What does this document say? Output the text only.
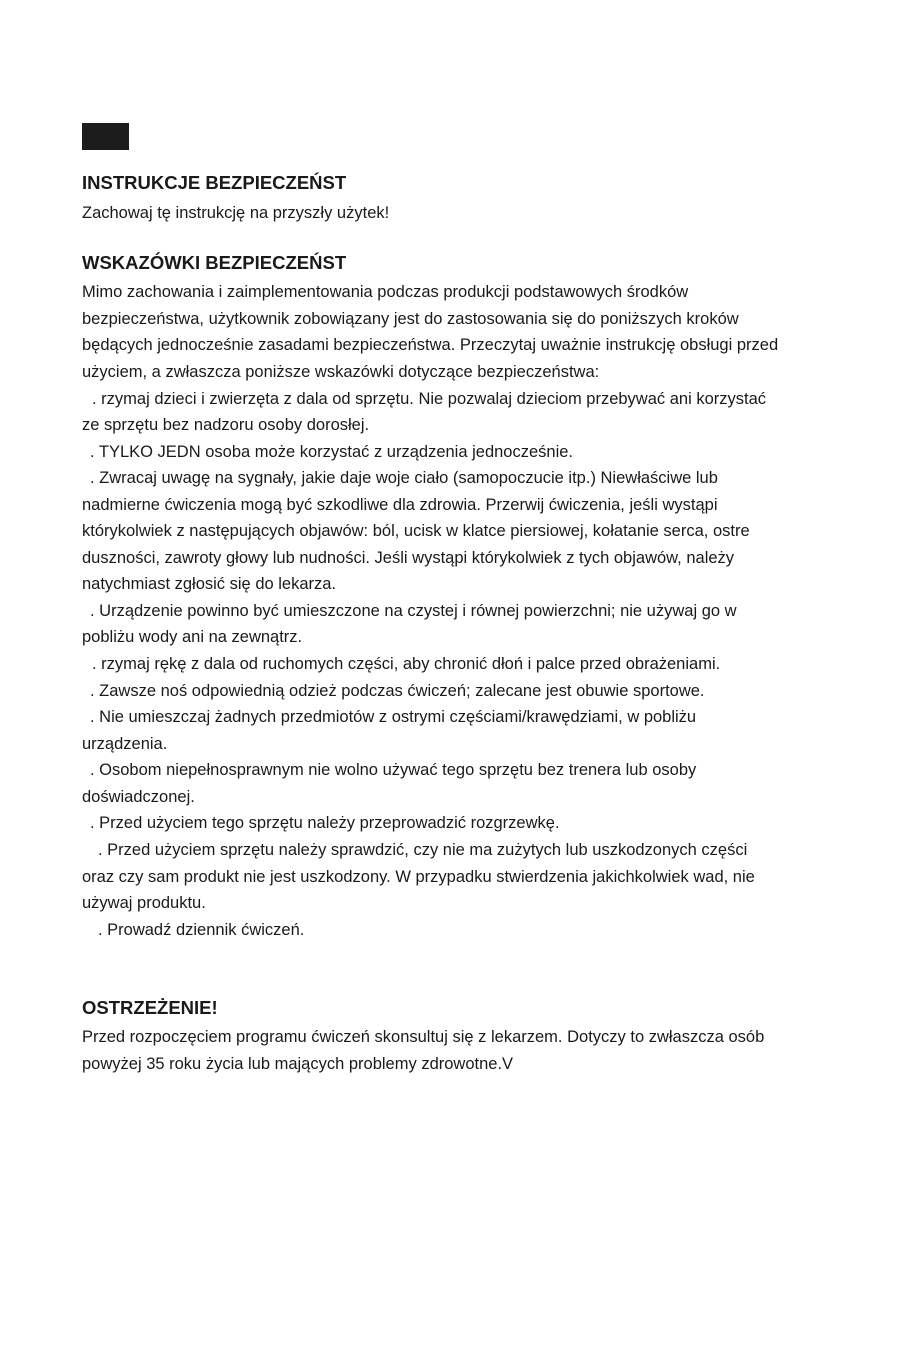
INSTRUKCJE BEZPIECZEŃST
Zachowaj tę instrukcję na przyszły użytek!
WSKAZÓWKI BEZPIECZEŃST
Mimo zachowania i zaimplementowania podczas produkcji podstawowych środków
bezpieczeństwa, użytkownik zobowiązany jest do zastosowania się do poniższych kroków
będących jednocześnie zasadami bezpieczeństwa. Przeczytaj uważnie instrukcję obsługi przed
użyciem, a zwłaszcza poniższe wskazówki dotyczące bezpieczeństwa:
. rzymaj dzieci i zwierzęta z dala od sprzętu. Nie pozwalaj dzieciom przebywać ani korzystać
ze sprzętu bez nadzoru osoby dorosłej.
. TYLKO JEDN osoba może korzystać z urządzenia jednocześnie.
. Zwracaj uwagę na sygnały, jakie daje woje ciało (samopoczucie itp.) Niewłaściwe lub
nadmierne ćwiczenia mogą być szkodliwe dla zdrowia. Przerwij ćwiczenia, jeśli wystąpi
którykolwiek z następujących objawów: ból, ucisk w klatce piersiowej, kołatanie serca, ostre
duszności, zawroty głowy lub nudności. Jeśli wystąpi którykolwiek z tych objawów, należy
natychmiast zgłosić się do lekarza.
. Urządzenie powinno być umieszczone na czystej i równej powierzchni; nie używaj go w
pobliżu wody ani na zewnątrz.
. rzymaj rękę z dala od ruchomych części, aby chronić dłoń i palce przed obrażeniami.
. Zawsze noś odpowiednią odzież podczas ćwiczeń; zalecane jest obuwie sportowe.
. Nie umieszczaj żadnych przedmiotów z ostrymi częściami/krawędziami, w pobliżu
urządzenia.
. Osobom niepełnosprawnym nie wolno używać tego sprzętu bez trenera lub osoby
doświadczonej.
. Przed użyciem tego sprzętu należy przeprowadzić rozgrzewkę.
. Przed użyciem sprzętu należy sprawdzić, czy nie ma zużytych lub uszkodzonych części
oraz czy sam produkt nie jest uszkodzony. W przypadku stwierdzenia jakichkolwiek wad, nie
używaj produktu.
. Prowadź dziennik ćwiczeń.
OSTRZEŻENIE!
Przed rozpoczęciem programu ćwiczeń skonsultuj się z lekarzem. Dotyczy to zwłaszcza osób
powyżej 35 roku życia lub mających problemy zdrowotne.V
